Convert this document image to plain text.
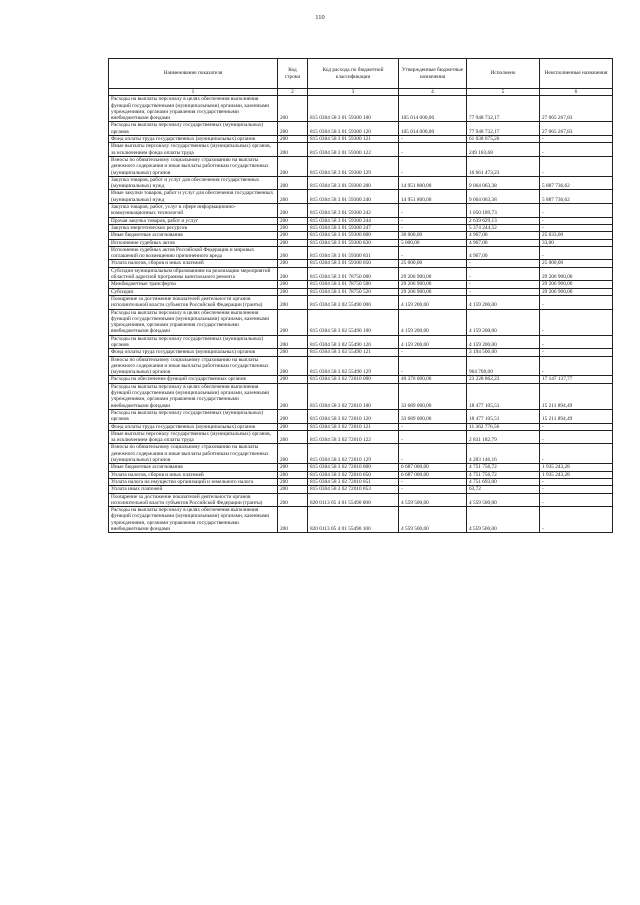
110
Наименование показателя	Код строки	Код расхода по бюджетной классификации	Утвержденные бюджетные назначения	Исполнено	Неисполненные назначения
1	2	3	4	5	6
Расходы на выплаты персоналу в целях обеспечения выполнения функций государственными (муниципальными) органами, казенными учреждениями, органами управления государственными внебюджетными фондами	200	815 0304 58 3 01 59300 100	105 014 000,00	77 948 732,17	27 065 267,83
Расходы на выплаты персоналу государственных (муниципальных) органов	200	815 0304 58 3 01 59300 120	105 014 000,00	77 948 732,17	27 065 267,83
Фонд оплаты труда государственных (муниципальных) органов	200	815 0304 58 3 01 59300 121	-	61 038 075,26	-
Иные выплаты персоналу государственных (муниципальных) органов, за исключением фонда оплаты труда	200	815 0304 58 3 01 59300 122	-	249 183,68	-
Взносы по обязательному социальному страхованию на выплаты денежного содержания и иные выплаты работникам государственных (муниципальных) органов	200	815 0304 58 3 01 59300 129	-	16 661 473,23	-
Закупка товаров, работ и услуг для обеспечения государственных (муниципальных) нужд	200	815 0304 58 3 01 59300 200	14 951 800,00	9 064 063,38	5 887 736,62
Иные закупки товаров, работ и услуг для обеспечения государственных (муниципальных) нужд	200	815 0304 58 3 01 59300 240	14 951 800,00	9 064 063,38	5 887 736,62
Закупка товаров, работ, услуг в сфере информационно-коммуникационных технологий	200	815 0304 58 3 01 59300 242	-	1 050 189,73	-
Прочая закупка товаров, работ и услуг	200	815 0304 58 3 01 59300 244	-	2 639 629,13	-
Закупка энергетических ресурсов	200	815 0304 58 3 01 59300 247	-	5 374 244,52	-
Иные бюджетные ассигнования	200	815 0304 58 3 01 59300 800	30 000,00	4 967,00	25 033,00
Исполнение судебных актов	200	815 0304 58 3 01 59300 830	5 000,00	4 967,00	33,00
Исполнение судебных актов Российской Федерации и мировых соглашений по возмещению причиненного вреда	200	815 0304 58 3 01 59300 831	-	4 967,00	-
Уплата налогов, сборов и иных платежей	200	815 0304 58 3 01 59300 850	25 000,00	-	25 000,00
Субсидии муниципальным образованиям на реализацию мероприятий областной адресной программы капитального ремонта	200	815 0304 58 3 01 78750 000	29 206 900,00	-	29 206 900,00
Межбюджетные трансферты	200	815 0304 58 3 01 78750 500	29 206 900,00	-	29 206 900,00
Субсидии	200	815 0304 58 3 01 78750 520	29 206 900,00	-	29 206 900,00
Поощрение за достижение показателей деятельности органов исполнительной власти субъектов Российской Федерации (гранты)	200	815 0304 58 3 02 55490 000	4 159 200,00	4 159 200,00	-
Расходы на выплаты персоналу в целях обеспечения выполнения функций государственными (муниципальными) органами, казенными учреждениями, органами управления государственными внебюджетными фондами	200	815 0304 58 3 02 55490 100	4 159 200,00	4 159 200,00	-
Расходы на выплаты персоналу государственных (муниципальных) органов	200	815 0304 58 3 02 55490 120	4 159 200,00	4 159 200,00	-
Фонд оплаты труда государственных (муниципальных) органов	200	815 0304 58 3 02 55490 121	-	3 194 500,00	-
Взносы по обязательному социальному страхованию на выплаты денежного содержания и иные выплаты работникам государственных (муниципальных) органов	200	815 0304 58 3 02 55490 129	-	964 700,00	-
Расходы на обеспечение функций государственных органов	200	815 0304 58 3 02 72010 000	40 376 000,00	23 228 862,23	17 147 137,77
Расходы на выплаты персоналу в целях обеспечения выполнения функций государственными (муниципальными) органами, казенными учреждениями, органами управления государственными внебюджетными фондами	200	815 0304 58 3 02 72010 100	33 689 000,00	18 477 105,51	15 211 894,49
Расходы на выплаты персоналу государственных (муниципальных) органов	200	815 0304 58 3 02 72010 120	33 689 000,00	18 477 105,51	15 211 894,49
Фонд оплаты труда государственных (муниципальных) органов	200	815 0304 58 3 02 72010 121	-	11 362 776,56	-
Иные выплаты персоналу государственных (муниципальных) органов, за исключением фонда оплаты труда	200	815 0304 58 3 02 72010 122	-	2 831 182,79	-
Взносы по обязательному социальному страхованию на выплаты денежного содержания и иные выплаты работникам государственных (муниципальных) органов	200	815 0304 58 3 02 72010 129	-	4 283 146,16	-
Иные бюджетные ассигнования	200	815 0304 58 3 02 72010 800	6 687 000,00	4 751 756,72	1 935 243,28
Уплата налогов, сборов и иных платежей	200	815 0304 58 3 02 72010 850	6 687 000,00	4 751 756,72	1 935 243,28
Уплата налога на имущество организаций и земельного налога	200	815 0304 58 3 02 72010 851	-	4 751 693,00	-
Уплата иных платежей	200	815 0304 58 3 02 72010 853	-	63,72	-
Поощрение за достижение показателей деятельности органов исполнительной власти субъектов Российской Федерации (гранты)	200	820 0113 05 4 01 55490 000	4 559 500,00	4 559 500,00	-
Расходы на выплаты персоналу в целях обеспечения выполнения функций государственными (муниципальными) органами, казенными учреждениями, органами управления государственными внебюджетными фондами	200	820 0113 05 4 01 55490 100	4 559 500,00	4 559 500,00	-
